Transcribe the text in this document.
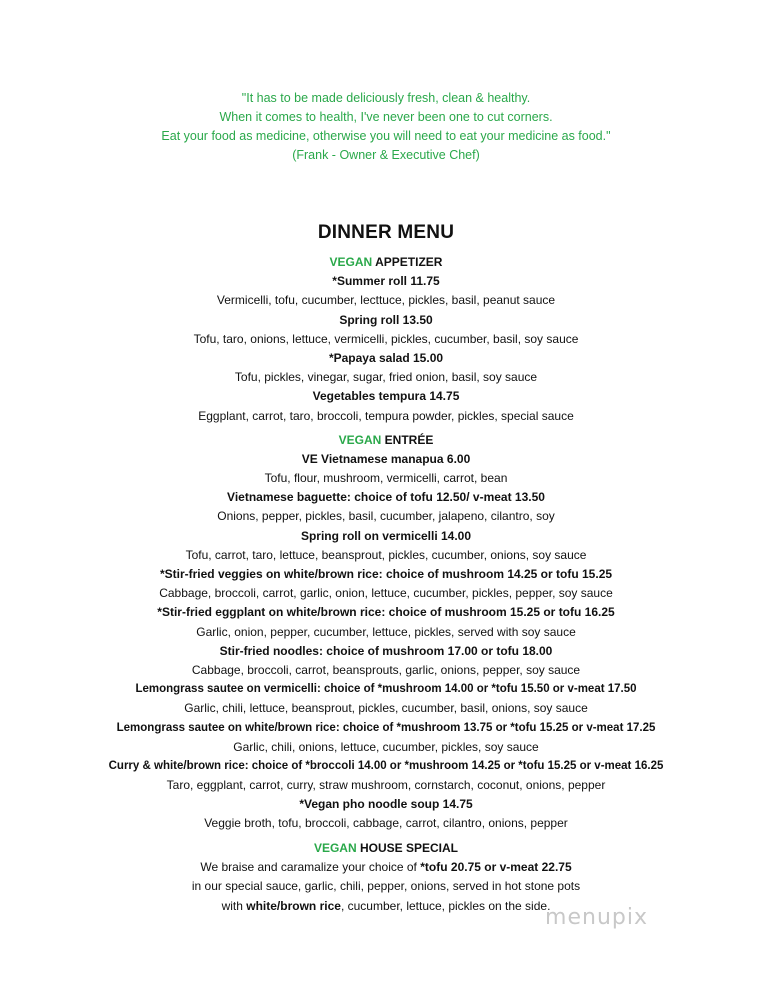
"It has to be made deliciously fresh, clean & healthy.
When it comes to health, I've never been one to cut corners.
Eat your food as medicine, otherwise you will need to eat your medicine as food."
(Frank - Owner & Executive Chef)
DINNER MENU
VEGAN APPETIZER
*Summer roll 11.75
Vermicelli, tofu, cucumber, lecttuce, pickles, basil, peanut sauce
Spring roll 13.50
Tofu, taro, onions, lettuce, vermicelli, pickles, cucumber, basil, soy sauce
*Papaya salad 15.00
Tofu, pickles, vinegar, sugar, fried onion, basil, soy sauce
Vegetables tempura 14.75
Eggplant, carrot, taro, broccoli, tempura powder, pickles, special sauce
VEGAN ENTRÉE
VE Vietnamese manapua 6.00
Tofu, flour, mushroom, vermicelli, carrot, bean
Vietnamese baguette: choice of tofu 12.50/ v-meat 13.50
Onions, pepper, pickles, basil, cucumber, jalapeno, cilantro, soy
Spring roll on vermicelli 14.00
Tofu, carrot, taro, lettuce, beansprout, pickles, cucumber, onions, soy sauce
*Stir-fried veggies on white/brown rice: choice of mushroom 14.25 or tofu 15.25
Cabbage, broccoli, carrot, garlic, onion, lettuce, cucumber, pickles, pepper, soy sauce
*Stir-fried eggplant on white/brown rice: choice of mushroom 15.25 or tofu 16.25
Garlic, onion, pepper, cucumber, lettuce, pickles, served with soy sauce
Stir-fried noodles: choice of mushroom 17.00 or tofu 18.00
Cabbage, broccoli, carrot, beansprouts, garlic, onions, pepper, soy sauce
Lemongrass sautee on vermicelli: choice of *mushroom 14.00 or *tofu 15.50 or v-meat 17.50
Garlic, chili, lettuce, beansprout, pickles, cucumber, basil, onions, soy sauce
Lemongrass sautee on white/brown rice: choice of *mushroom 13.75 or *tofu 15.25 or v-meat 17.25
Garlic, chili, onions, lettuce, cucumber, pickles, soy sauce
Curry & white/brown rice: choice of *broccoli 14.00 or *mushroom 14.25 or *tofu 15.25 or v-meat 16.25
Taro, eggplant, carrot, curry, straw mushroom, cornstarch, coconut, onions, pepper
*Vegan pho noodle soup 14.75
Veggie broth, tofu, broccoli, cabbage, carrot, cilantro, onions, pepper
VEGAN HOUSE SPECIAL
We braise and caramalize your choice of *tofu 20.75 or v-meat 22.75
in our special sauce, garlic, chili, pepper, onions, served in hot stone pots
with white/brown rice, cucumber, lettuce, pickles on the side.
menupix
